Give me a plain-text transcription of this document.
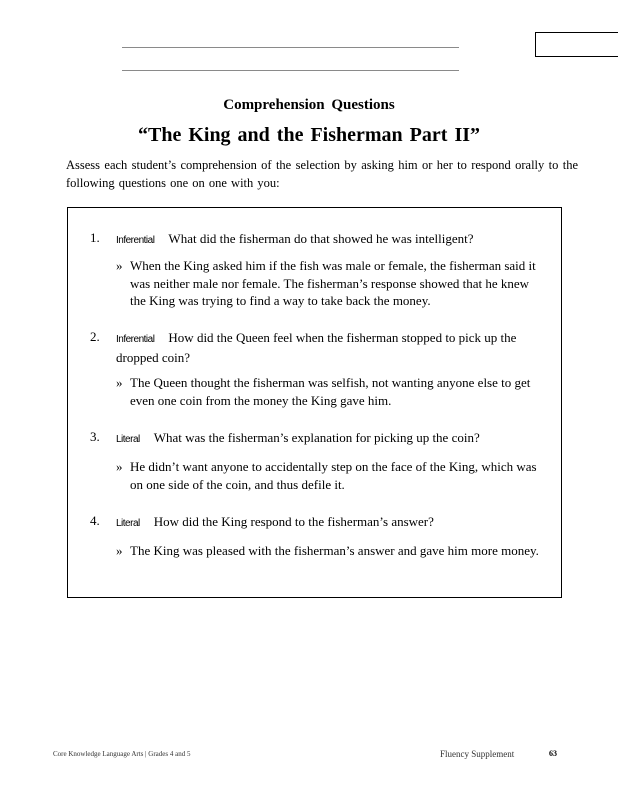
Comprehension Questions
“The King and the Fisherman Part II”
Assess each student’s comprehension of the selection by asking him or her to respond orally to the following questions one on one with you:
1. Inferential What did the fisherman do that showed he was intelligent?
» When the King asked him if the fish was male or female, the fisherman said it was neither male nor female. The fisherman’s response showed that he knew the King was trying to find a way to take back the money.
2. Inferential How did the Queen feel when the fisherman stopped to pick up the dropped coin?
» The Queen thought the fisherman was selfish, not wanting anyone else to get even one coin from the money the King gave him.
3. Literal What was the fisherman’s explanation for picking up the coin?
» He didn’t want anyone to accidentally step on the face of the King, which was on one side of the coin, and thus defile it.
4. Literal How did the King respond to the fisherman’s answer?
» The King was pleased with the fisherman’s answer and gave him more money.
Core Knowledge Language Arts | Grades 4 and 5	Fluency Supplement	63
